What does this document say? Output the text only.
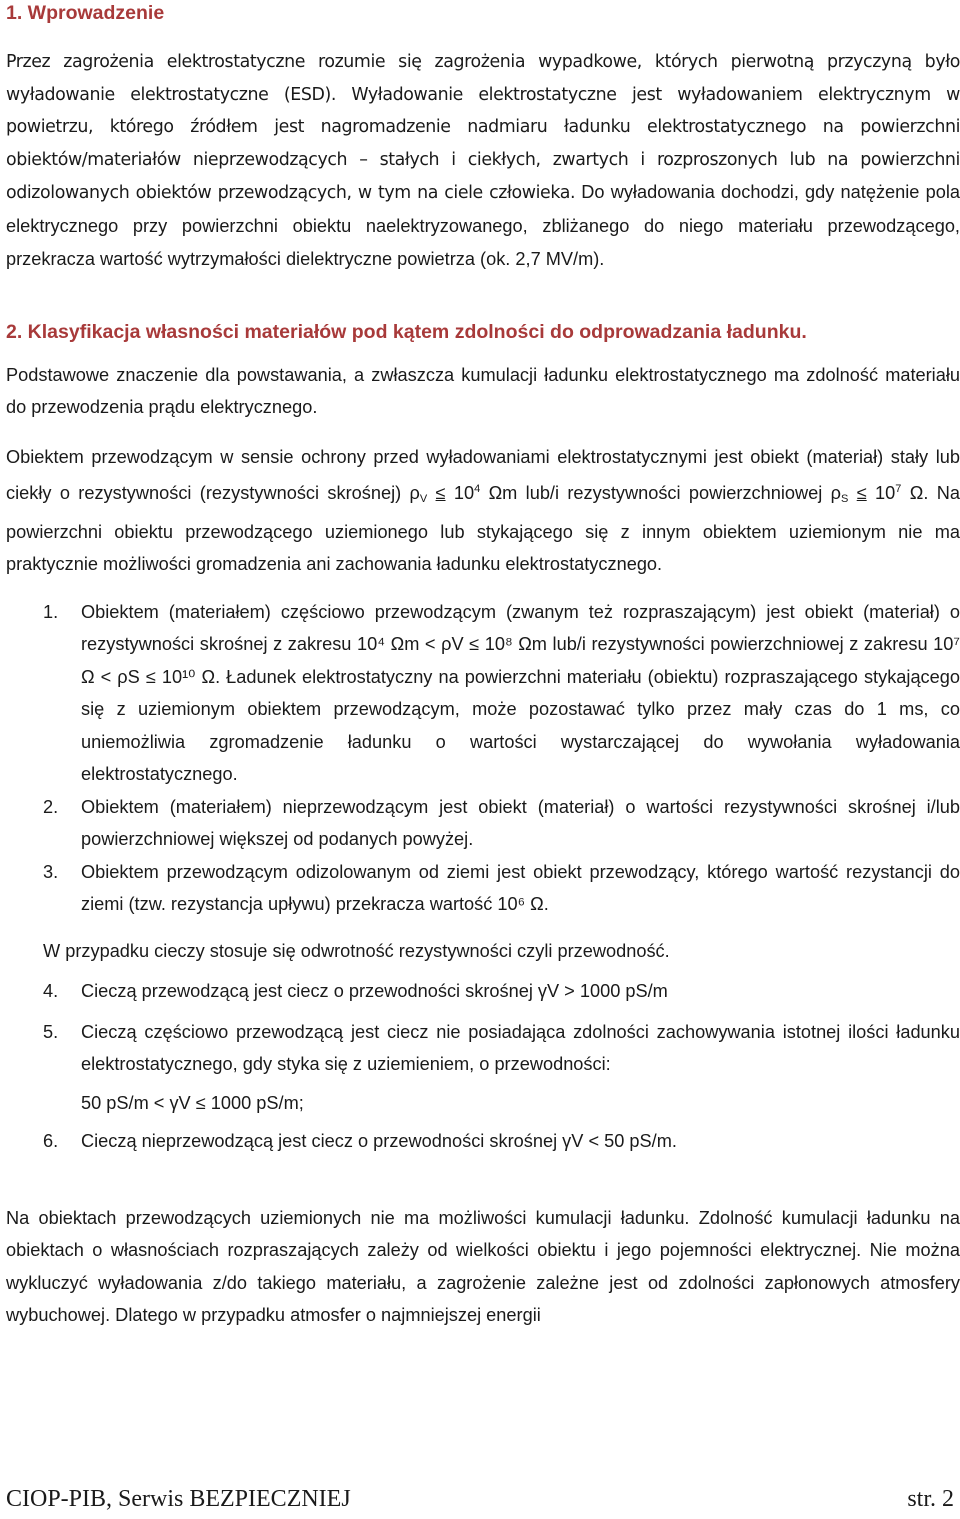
1. Wprowadzenie

Przez zagrożenia elektrostatyczne rozumie się zagrożenia wypadkowe, których pierwotną przyczyną było wyładowanie elektrostatyczne (ESD). Wyładowanie elektrostatyczne jest wyładowaniem elektrycznym w powietrzu, którego źródłem jest nagromadzenie nadmiaru ładunku elektrostatycznego na powierzchni obiektów/materiałów nieprzewodzących – stałych i ciekłych, zwartych i rozproszonych lub na powierzchni odizolowanych obiektów przewodzących, w tym na ciele człowieka. Do wyładowania dochodzi, gdy natężenie pola elektrycznego przy powierzchni obiektu naelektryzowanego, zbliżanego do niego materiału przewodzącego, przekracza wartość wytrzymałości dielektryczne powietrza (ok. 2,7 MV/m).

2. Klasyfikacja własności materiałów pod kątem zdolności do odprowadzania ładunku.

Podstawowe znaczenie dla powstawania, a zwłaszcza kumulacji ładunku elektrostatycznego ma zdolność materiału do przewodzenia prądu elektrycznego.

Obiektem przewodzącym w sensie ochrony przed wyładowaniami elektrostatycznymi jest obiekt (materiał) stały lub ciekły o rezystywności (rezystywności skrośnej) $\rho_V \le 10^4$ Ωm lub/i rezystywności powierzchniowej $\rho_S \le 10^7$ Ω. Na powierzchni obiektu przewodzącego uziemionego lub stykającego się z innym obiektem uziemionym nie ma praktycznie możliwości gromadzenia ani zachowania ładunku elektrostatycznego.

1. Obiektem (materiałem) częściowo przewodzącym (zwanym też rozpraszającym) jest obiekt (materiał) o rezystywności skrośnej z zakresu 10⁴ Ωm < ρV ≤ 10⁸ Ωm lub/i rezystywności powierzchniowej z zakresu 10⁷ Ω < ρS ≤ 10¹⁰ Ω. Ładunek elektrostatyczny na powierzchni materiału (obiektu) rozpraszającego stykającego się z uziemionym obiektem przewodzącym, może pozostawać tylko przez mały czas do 1 ms, co uniemożliwia zgromadzenie ładunku o wartości wystarczającej do wywołania wyładowania elektrostatycznego.

2. Obiektem (materiałem) nieprzewodzącym jest obiekt (materiał) o wartości rezystywności skrośnej i/lub powierzchniowej większej od podanych powyżej.

3. Obiektem przewodzącym odizolowanym od ziemi jest obiekt przewodzący, którego wartość rezystancji do ziemi (tzw. rezystancja upływu) przekracza wartość 10⁶ Ω.

W przypadku cieczy stosuje się odwrotność rezystywności czyli przewodność.

4. Cieczą przewodzącą jest ciecz o przewodności skrośnej γV > 1000 pS/m

5. Cieczą częściowo przewodzącą jest ciecz nie posiadająca zdolności zachowywania istotnej ilości ładunku elektrostatycznego, gdy styka się z uziemieniem, o przewodności:

50 pS/m < γV ≤ 1000 pS/m;

6. Cieczą nieprzewodzącą jest ciecz o przewodności skrośnej γV < 50 pS/m.

Na obiektach przewodzących uziemionych nie ma możliwości kumulacji ładunku. Zdolność kumulacji ładunku na obiektach o własnościach rozpraszających zależy od wielkości obiektu i jego pojemności elektrycznej. Nie można wykluczyć wyładowania z/do takiego materiału, a zagrożenie zależne jest od zdolności zapłonowych atmosfery wybuchowej. Dlatego w przypadku atmosfer o najmniejszej energii

CIOP-PIB, Serwis BEZPIECZNIEJ	str. 2
